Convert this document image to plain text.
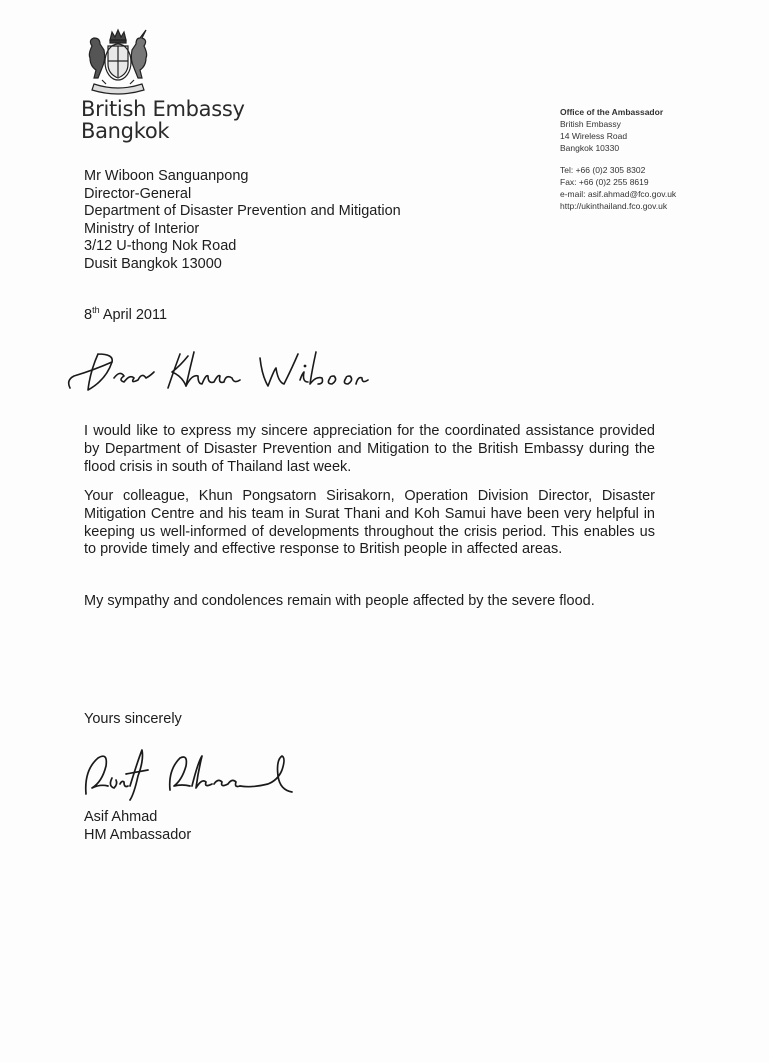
British Embassy
Bangkok
Office of the Ambassador
British Embassy
14 Wireless Road
Bangkok 10330
Tel: +66 (0)2 305 8302
Fax: +66 (0)2 255 8619
e-mail: asif.ahmad@fco.gov.uk
http://ukinthailand.fco.gov.uk
Mr Wiboon Sanguanpong
Director-General
Department of Disaster Prevention and Mitigation
Ministry of Interior
3/12 U-thong Nok Road
Dusit Bangkok 13000
8th April 2011

I would like to express my sincere appreciation for the coordinated assistance provided by Department of Disaster Prevention and Mitigation to the British Embassy during the flood crisis in south of Thailand last week.

Your colleague, Khun Pongsatorn Sirisakorn, Operation Division Director, Disaster Mitigation Centre and his team in Surat Thani and Koh Samui have been very helpful in keeping us well-informed of developments throughout the crisis period. This enables us to provide timely and effective response to British people in affected areas.

My sympathy and condolences remain with people affected by the severe flood.

Yours sincerely
Asif Ahmad
HM Ambassador
